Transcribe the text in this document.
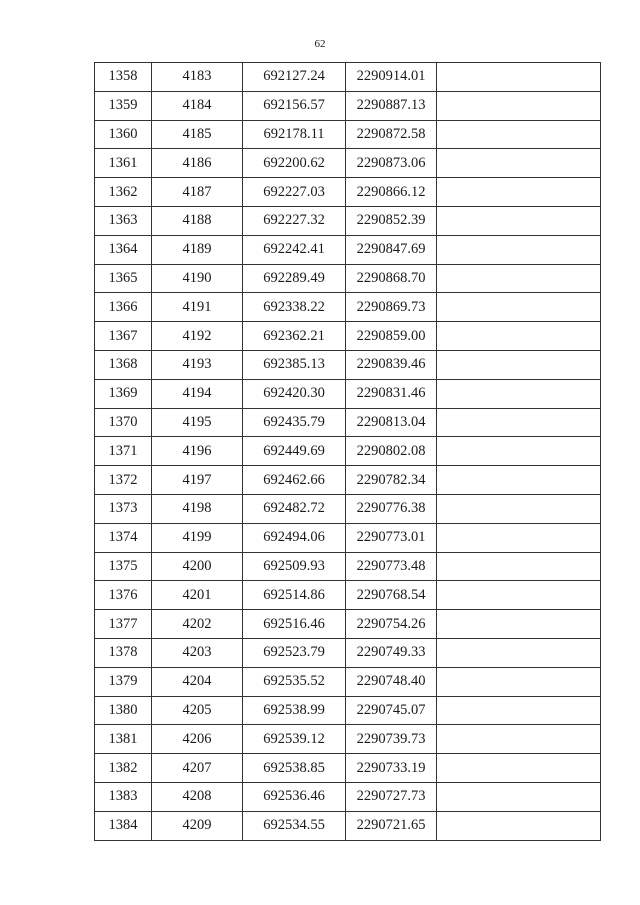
62
1358	4183	692127.24	2290914.01	
1359	4184	692156.57	2290887.13	
1360	4185	692178.11	2290872.58	
1361	4186	692200.62	2290873.06	
1362	4187	692227.03	2290866.12	
1363	4188	692227.32	2290852.39	
1364	4189	692242.41	2290847.69	
1365	4190	692289.49	2290868.70	
1366	4191	692338.22	2290869.73	
1367	4192	692362.21	2290859.00	
1368	4193	692385.13	2290839.46	
1369	4194	692420.30	2290831.46	
1370	4195	692435.79	2290813.04	
1371	4196	692449.69	2290802.08	
1372	4197	692462.66	2290782.34	
1373	4198	692482.72	2290776.38	
1374	4199	692494.06	2290773.01	
1375	4200	692509.93	2290773.48	
1376	4201	692514.86	2290768.54	
1377	4202	692516.46	2290754.26	
1378	4203	692523.79	2290749.33	
1379	4204	692535.52	2290748.40	
1380	4205	692538.99	2290745.07	
1381	4206	692539.12	2290739.73	
1382	4207	692538.85	2290733.19	
1383	4208	692536.46	2290727.73	
1384	4209	692534.55	2290721.65	
